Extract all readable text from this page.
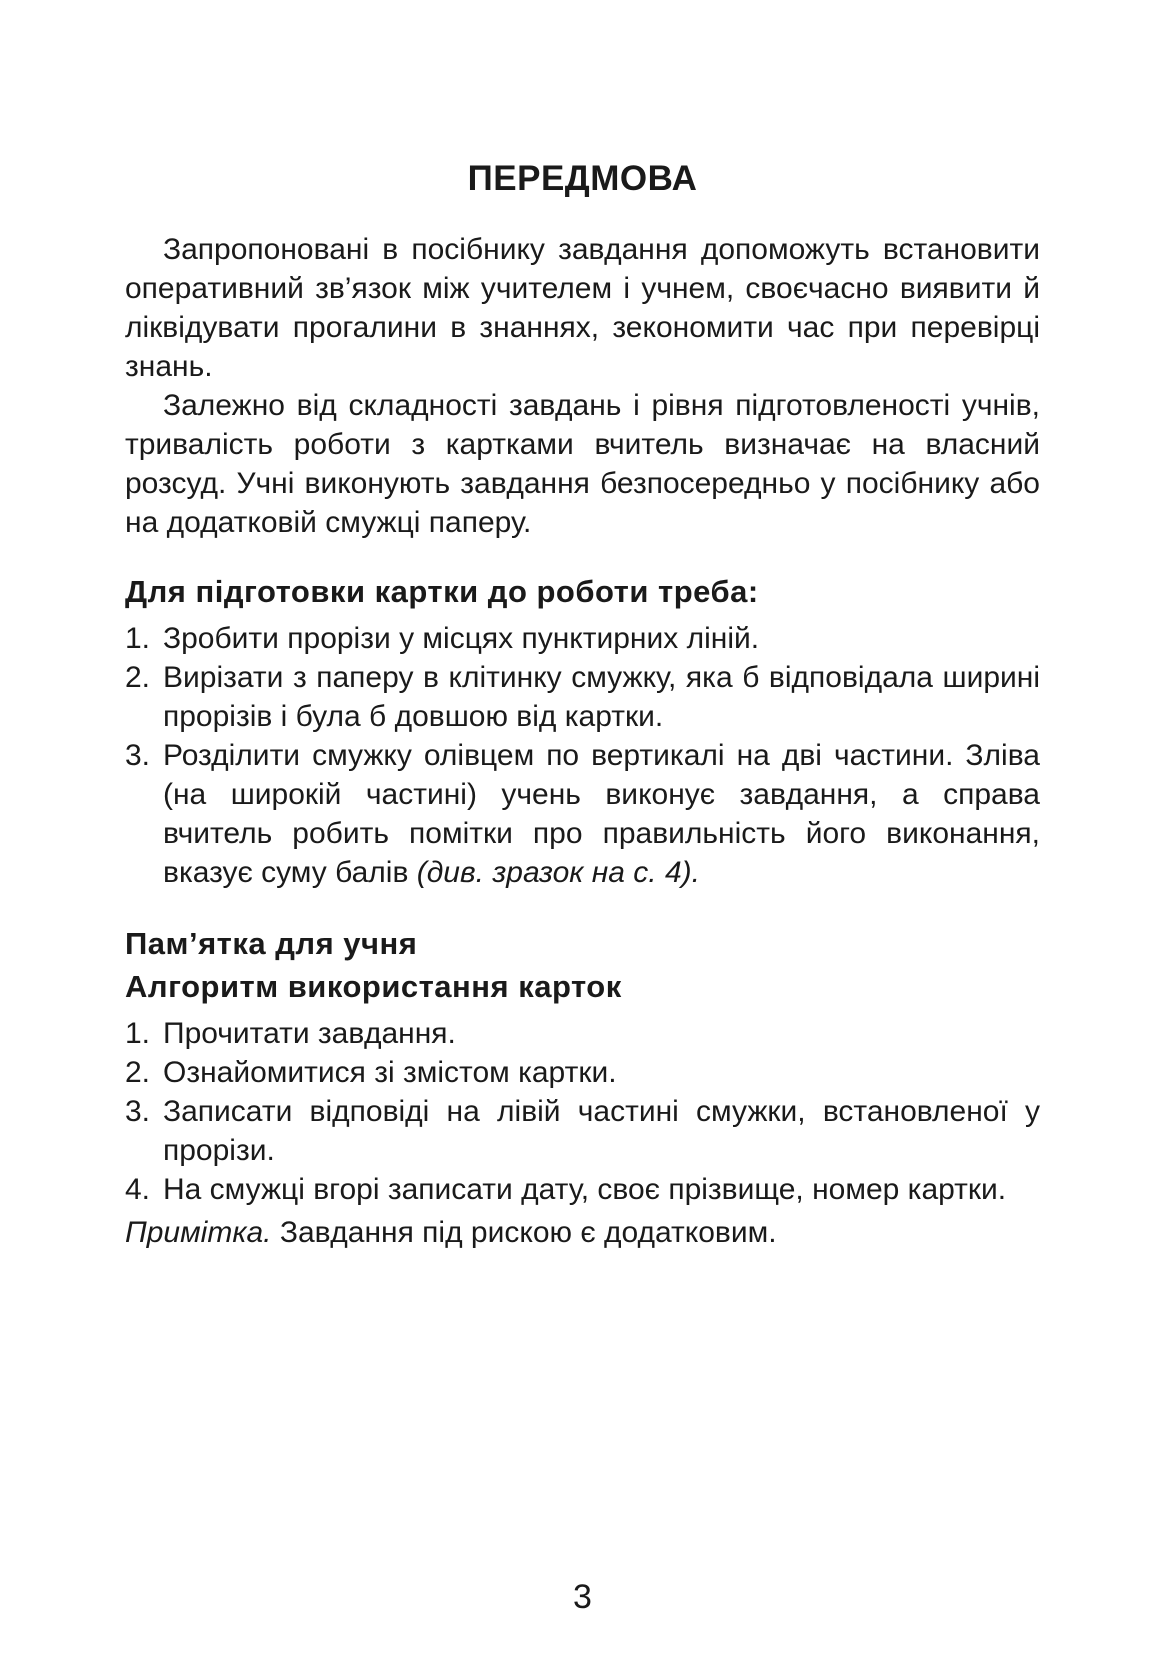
ПЕРЕДМОВА

Запропоновані в посібнику завдання допоможуть встановити оперативний зв’язок між учителем і учнем, своєчасно виявити й ліквідувати прогалини в знаннях, зекономити час при перевірці знань.

Залежно від складності завдань і рівня підготовленості учнів, тривалість роботи з картками вчитель визначає на власний розсуд. Учні виконують завдання безпосередньо у посібнику або на додатковій смужці паперу.

Для підготовки картки до роботи треба:
1. Зробити прорізи у місцях пунктирних ліній.
2. Вирізати з паперу в клітинку смужку, яка б відповідала ширині прорізів і була б довшою від картки.
3. Розділити смужку олівцем по вертикалі на дві частини. Зліва (на широкій частині) учень виконує завдання, а справа вчитель робить помітки про правильність його виконання, вказує суму балів (див. зразок на с. 4).
Пам’ятка для учня
Алгоритм використання карток
1. Прочитати завдання.
2. Ознайомитися зі змістом картки.
3. Записати відповіді на лівій частині смужки, встановленої у прорізи.
4. На смужці вгорі записати дату, своє прізвище, номер картки.

Примітка. Завдання під рискою є додатковим.

3
